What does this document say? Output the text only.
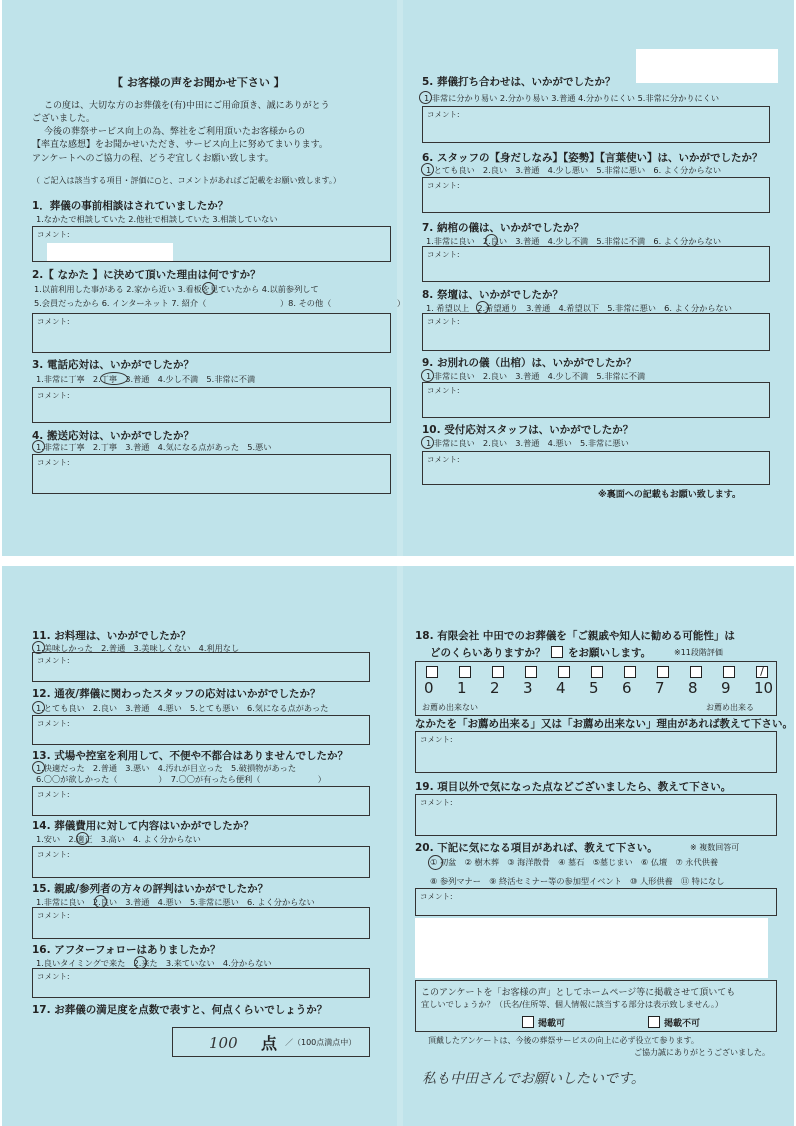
【 お客様の声をお聞かせ下さい 】
この度は、大切な方のお葬儀を(有)中田にご用命頂き、誠にありがとう
ございました。
今後の葬祭サービス向上の為、弊社をご利用頂いたお客様からの
【率直な感想】をお聞かせいただき、サービス向上に努めてまいります。
アンケートへのご協力の程、どうぞ宜しくお願い致します。
（ ご記入は該当する項目・評価に○と、コメントがあればご記載をお願い致します。）
1．葬儀の事前相談はされていましたか？
1.なかたで相談していた 2.他社で相談していた 3.相談していない
コメント:
2.【 なかた 】に決めて頂いた理由は何ですか？
1.以前利用した事がある 2.家から近い 3.看板を見ていたから 4.以前参列して
5.会員だったから 6. インターネット 7. 紹介（　　　　　　　　　）8. その他（　　　　　　　　）
コメント:
3. 電話応対は、いかがでしたか？
1.非常に丁寧　2.丁寧　3.普通　4.少し不満　5.非常に不満
コメント:
4. 搬送応対は、いかがでしたか？
1.非常に丁寧　2.丁寧　3.普通　4.気になる点があった　5.悪い
コメント:
5. 葬儀打ち合わせは、いかがでしたか？
1.非常に分かり易い 2.分かり易い 3.普通 4.分かりにくい 5.非常に分かりにくい
コメント:
6. スタッフの【身だしなみ】【姿勢】【言葉使い】は、いかがでしたか？
1.とても良い　2.良い　3.普通　4.少し悪い　5.非常に悪い　6. よく分からない
コメント:
7. 納棺の儀は、いかがでしたか？
1.非常に良い　2.良い　3.普通　4.少し不満　5.非常に不満　6. よく分からない
コメント:
8. 祭壇は、いかがでしたか？
1. 希望以上　2.希望通り　3.普通　4.希望以下　5.非常に悪い　6. よく分からない
コメント:
9. お別れの儀（出棺）は、いかがでしたか？
1.非常に良い　2.良い　3.普通　4.少し不満　5.非常に不満
コメント:
10. 受付応対スタッフは、いかがでしたか？
1.非常に良い　2.良い　3.普通　4.悪い　5.非常に悪い
コメント:
※裏面への記載もお願い致します。
11. お料理は、いかがでしたか？
1.美味しかった　2.普通　3.美味しくない　4.利用なし
コメント:
12. 通夜/葬儀に関わったスタッフの応対はいかがでしたか？
1.とても良い　2.良い　3.普通　4.悪い　5.とても悪い　6.気になる点があった
コメント:
13. 式場や控室を利用して、不便や不都合はありませんでしたか？
1.快適だった　2.普通　3.悪い　4.汚れが目立った　5.破損物があった
6.〇〇が欲しかった（　　　　　）　7.〇〇が有ったら便利（　　　　　　　）
コメント:
14. 葬儀費用に対して内容はいかがでしたか？
1.安い　2.適正　3.高い　4. よく分からない
コメント:
15. 親戚/参列者の方々の評判はいかがでしたか？
1.非常に良い　2.良い　3.普通　4.悪い　5.非常に悪い　6. よく分からない
コメント:
16. アフターフォローはありましたか？
1.良いタイミングで来た　2.来た　3.来ていない　4.分からない
コメント:
17. お葬儀の満足度を点数で表すと、何点くらいでしょうか？
100 点 ／（100点満点中）
18. 有限会社 中田でのお葬儀を「ご親戚や知人に勧める可能性」は
どのくらいありますか？ をお願いします。	※11段階評価
0 1 2 3 4 5 6 7 8 9
/
10
お薦め出来ない	お薦め出来る
なかたを「お薦め出来る」又は「お薦め出来ない」理由があれば教えて下さい。
コメント:
19. 項目以外で気になった点などございましたら、教えて下さい。
コメント:
20. 下記に気になる項目があれば、教えて下さい。	※ 複数回答可
① 初盆　② 樹木葬　③ 海洋散骨　④ 墓石　⑤墓じまい　⑥ 仏壇　⑦ 永代供養
⑧ 参列マナー　⑨ 終活セミナー等の参加型イベント　⑩ 人形供養　⑪ 特になし
コメント:
このアンケートを「お客様の声」としてホームページ等に掲載させて頂いても
宜しいでしょうか？（氏名/住所等、個人情報に該当する部分は表示致しません。）
掲載可	掲載不可
頂戴したアンケートは、今後の葬祭サービスの向上に必ず役立て参ります。
ご協力誠にありがとうございました。
私も中田さんでお願いしたいです。
